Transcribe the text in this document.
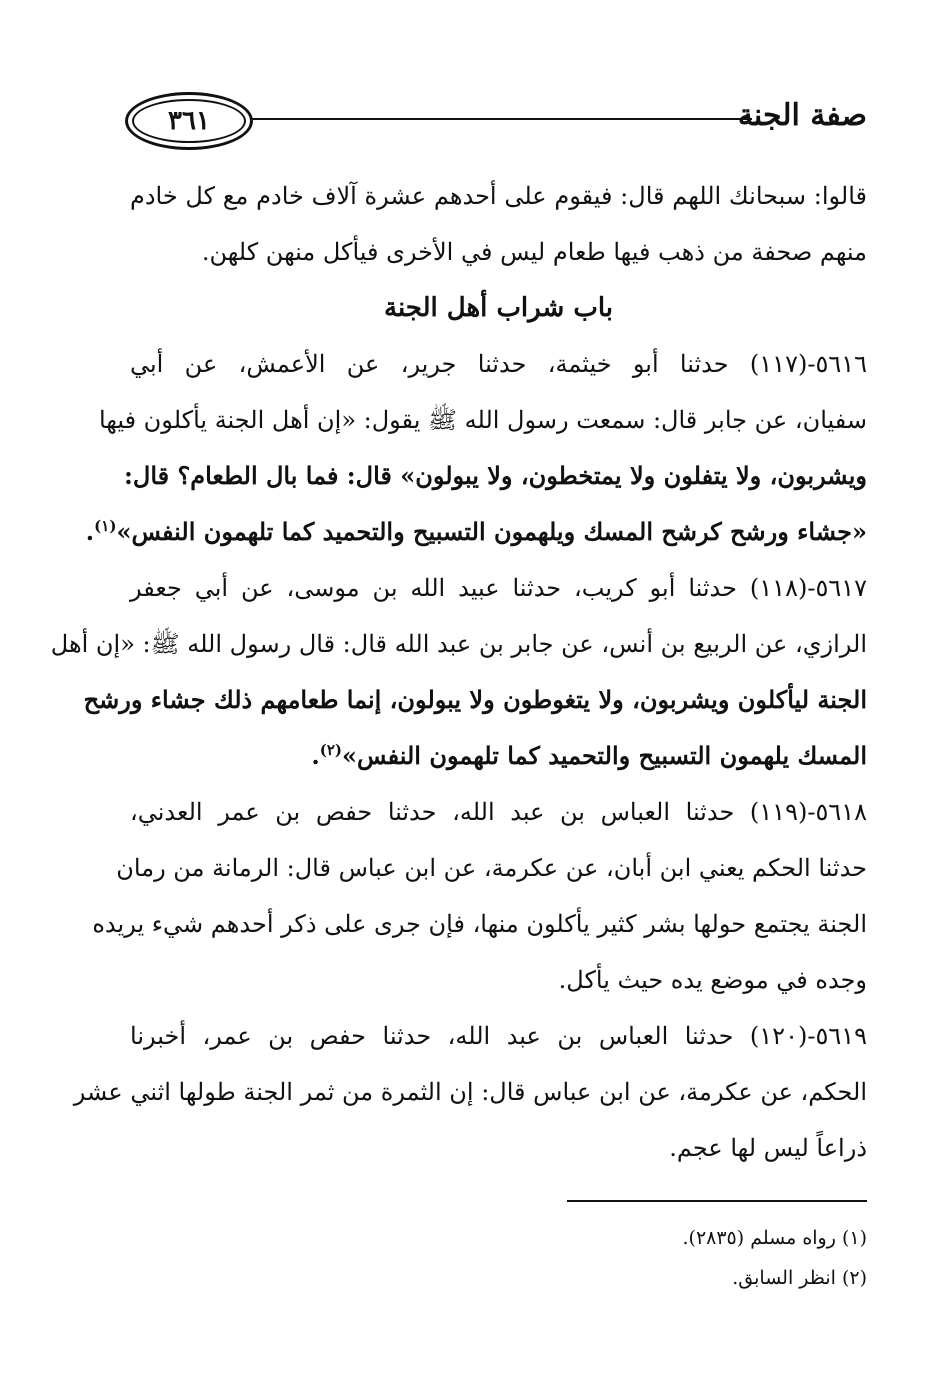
٣٦١	صفة الجنة
قالوا: سبحانك اللهم قال: فيقوم على أحدهم عشرة آلاف خادم مع كل خادم
منهم صحفة من ذهب فيها طعام ليس في الأخرى فيأكل منهن كلهن.
باب شراب أهل الجنة
٥٦١٦-(١١٧) حدثنا أبو خيثمة، حدثنا جرير، عن الأعمش، عن أبي
سفيان، عن جابر قال: سمعت رسول الله ﷺ يقول: «إن أهل الجنة يأكلون فيها
ويشربون، ولا يتفلون ولا يمتخطون، ولا يبولون» قال: فما بال الطعام؟ قال:
«جشاء ورشح كرشح المسك ويلهمون التسبيح والتحميد كما تلهمون النفس»$^{(١)}$.
٥٦١٧-(١١٨) حدثنا أبو كريب، حدثنا عبيد الله بن موسى، عن أبي جعفر
الرازي، عن الربيع بن أنس، عن جابر بن عبد الله قال: قال رسول الله ﷺ: «إن أهل
الجنة ليأكلون ويشربون، ولا يتغوطون ولا يبولون، إنما طعامهم ذلك جشاء ورشح
المسك يلهمون التسبيح والتحميد كما تلهمون النفس»$^{(٢)}$.
٥٦١٨-(١١٩) حدثنا العباس بن عبد الله، حدثنا حفص بن عمر العدني،
حدثنا الحكم يعني ابن أبان، عن عكرمة، عن ابن عباس قال: الرمانة من رمان
الجنة يجتمع حولها بشر كثير يأكلون منها، فإن جرى على ذكر أحدهم شيء يريده
وجده في موضع يده حيث يأكل.
٥٦١٩-(١٢٠) حدثنا العباس بن عبد الله، حدثنا حفص بن عمر، أخبرنا
الحكم، عن عكرمة، عن ابن عباس قال: إن الثمرة من ثمر الجنة طولها اثني عشر
ذراعاً ليس لها عجم.
(١) رواه مسلم (٢٨٣٥).
(٢) انظر السابق.
